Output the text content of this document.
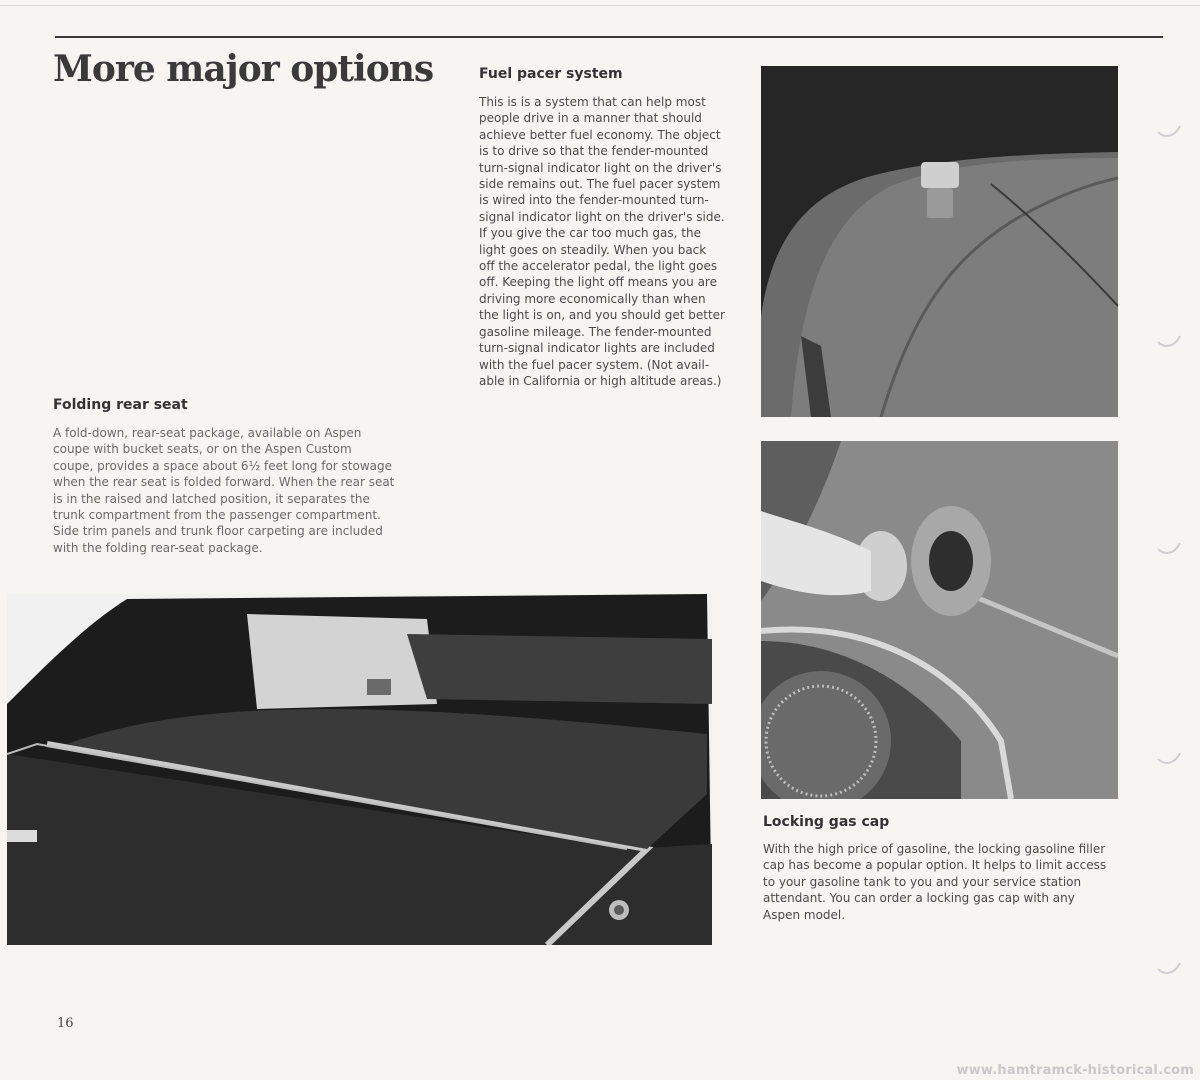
More major options	Fuel pacer system

This is is a system that can help most
people drive in a manner that should
achieve better fuel economy. The object
is to drive so that the fender-mounted
turn-signal indicator light on the driver's
side remains out. The fuel pacer system
is wired into the fender-mounted turn-
signal indicator light on the driver's side.
If you give the car too much gas, the
light goes on steadily. When you back
off the accelerator pedal, the light goes
off. Keeping the light off means you are
driving more economically than when
the light is on, and you should get better
gasoline mileage. The fender-mounted
turn-signal indicator lights are included
with the fuel pacer system. (Not avail-
able in California or high altitude areas.)

Folding rear seat

A fold-down, rear-seat package, available on Aspen
coupe with bucket seats, or on the Aspen Custom
coupe, provides a space about 6½ feet long for stowage
when the rear seat is folded forward. When the rear seat
is in the raised and latched position, it separates the
trunk compartment from the passenger compartment.
Side trim panels and trunk floor carpeting are included
with the folding rear-seat package.

Locking gas cap

With the high price of gasoline, the locking gasoline filler
cap has become a popular option. It helps to limit access
to your gasoline tank to you and your service station
attendant. You can order a locking gas cap with any
Aspen model.

16

www.hamtramck-historical.com
